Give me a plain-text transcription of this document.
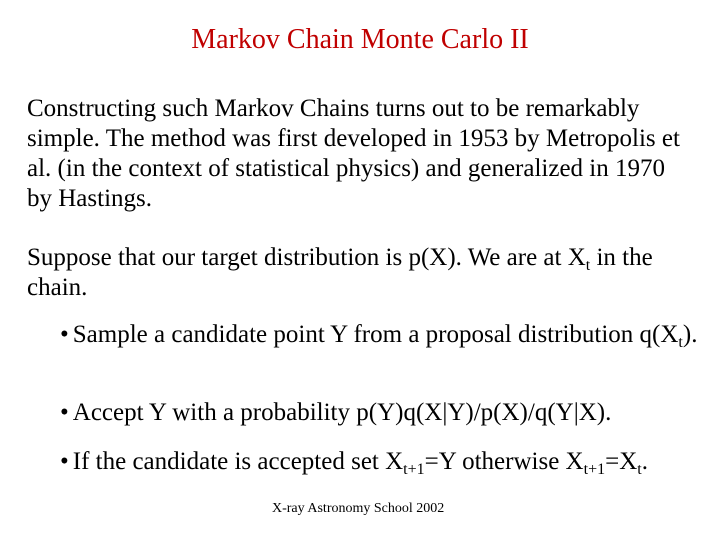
Markov Chain Monte Carlo II

Constructing such Markov Chains turns out to be remarkably simple. The method was first developed in 1953 by Metropolis et al. (in the context of statistical physics) and generalized in 1970 by Hastings.

Suppose that our target distribution is p(X). We are at $X_t$ in the chain.

• Sample a candidate point Y from a proposal distribution $q(X_t)$.

• Accept Y with a probability p(Y)q(X|Y)/p(X)/q(Y|X).

• If the candidate is accepted set $X_{t+1}=Y$ otherwise $X_{t+1}=X_t$.

X-ray Astronomy School 2002
